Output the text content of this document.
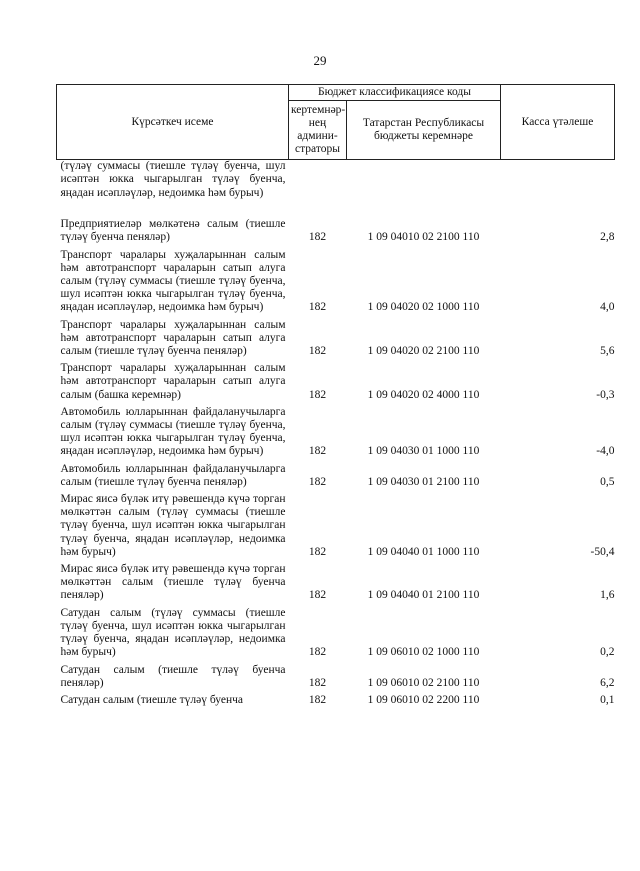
29
Күрсәткеч исеме	Бюджет классификациясе коды		Касса үтәлеше
	кертемнәр-нең админи-страторы	Татарстан Республикасы бюджеты керемнәре	
(түләү суммасы (тиешле түләү буенча, шул исәптән юкка чыгарылган түләү буенча, яңадан исәпләүләр, недоимка һәм бурыч)			
Предприятиеләр мөлкәтенә салым (тиешле түләү буенча пеняләр)	182	1 09 04010 02 2100 110	2,8
Транспорт чаралары хуҗаларыннан салым һәм автотранспорт чараларын сатып алуга салым (түләү суммасы (тиешле түләү буенча, шул исәптән юкка чыгарылган түләү буенча, яңадан исәпләүләр, недоимка һәм бурыч)	182	1 09 04020 02 1000 110	4,0
Транспорт чаралары хуҗаларыннан салым һәм автотранспорт чараларын сатып алуга салым (тиешле түләү буенча пеняләр)	182	1 09 04020 02 2100 110	5,6
Транспорт чаралары хуҗаларыннан салым һәм автотранспорт чараларын сатып алуга салым (башка керемнәр)	182	1 09 04020 02 4000 110	-0,3
Автомобиль юлларыннан файдаланучыларга салым (түләү суммасы (тиешле түләү буенча, шул исәптән юкка чыгарылган түләү буенча, яңадан исәпләүләр, недоимка һәм бурыч)	182	1 09 04030 01 1000 110	-4,0
Автомобиль юлларыннан файдаланучыларга салым (тиешле түләү буенча пеняләр)	182	1 09 04030 01 2100 110	0,5
Мирас яисә бүләк итү рәвешендә күчә торган мөлкәттән салым (түләү суммасы (тиешле түләү буенча, шул исәптән юкка чыгарылган түләү буенча, яңадан исәпләүләр, недоимка һәм бурыч)	182	1 09 04040 01 1000 110	-50,4
Мирас яисә бүләк итү рәвешендә күчә торган мөлкәттән салым (тиешле түләү буенча пеняләр)	182	1 09 04040 01 2100 110	1,6
Сатудан салым (түләү суммасы (тиешле түләү буенча, шул исәптән юкка чыгарылган түләү буенча, яңадан исәпләүләр, недоимка һәм бурыч)	182	1 09 06010 02 1000 110	0,2
Сатудан салым (тиешле түләү буенча пеняләр)	182	1 09 06010 02 2100 110	6,2
Сатудан салым (тиешле түләү буенча	182	1 09 06010 02 2200 110	0,1
